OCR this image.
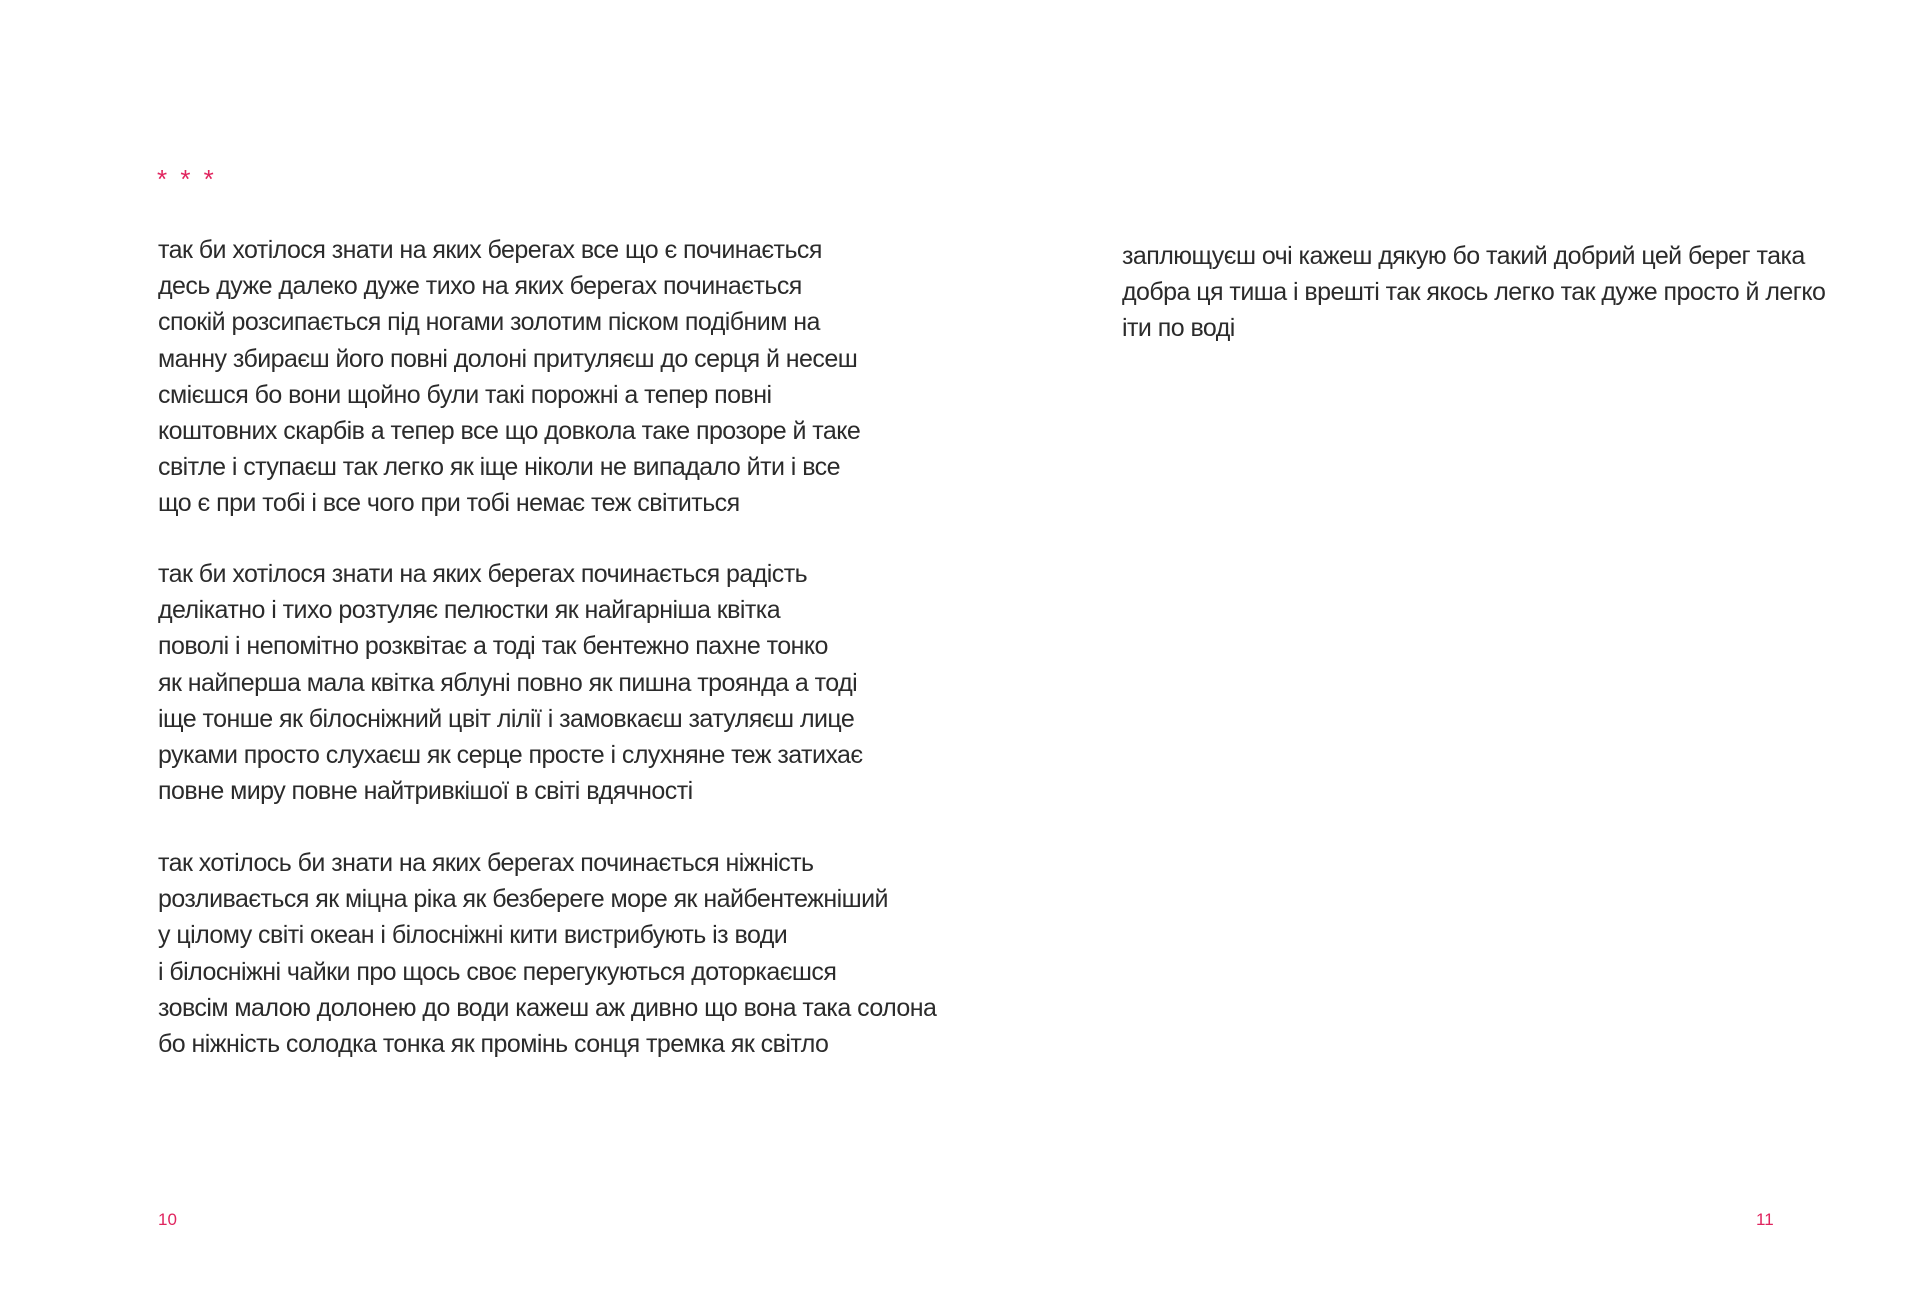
* * *
так би хотілося знати на яких берегах все що є починається
десь дуже далеко дуже тихо на яких берегах починається
спокій розсипається під ногами золотим піском подібним на
манну збираєш його повні долоні притуляєш до серця й несеш
смієшся бо вони щойно були такі порожні а тепер повні
коштовних скарбів а тепер все що довкола таке прозоре й таке
світле і ступаєш так легко як іще ніколи не випадало йти і все
що є при тобі і все чого при тобі немає теж світиться
так би хотілося знати на яких берегах починається радість
делікатно і тихо розтуляє пелюстки як найгарніша квітка
поволі і непомітно розквітає а тоді так бентежно пахне тонко
як найперша мала квітка яблуні повно як пишна троянда а тоді
іще тонше як білосніжний цвіт лілії і замовкаєш затуляєш лице
руками просто слухаєш як серце просте і слухняне теж затихає
повне миру повне найтривкішої в світі вдячності
так хотілось би знати на яких берегах починається ніжність
розливається як міцна ріка як безбереге море як найбентежніший
у цілому світі океан і білосніжні кити вистрибують із води
і білосніжні чайки про щось своє перегукуються доторкаєшся
зовсім малою долонею до води кажеш аж дивно що вона така солона
бо ніжність солодка тонка як промінь сонця тремка як світло
10
заплющуєш очі кажеш дякую бо такий добрий цей берег така
добра ця тиша і врешті так якось легко так дуже просто й легко
іти по воді
11
